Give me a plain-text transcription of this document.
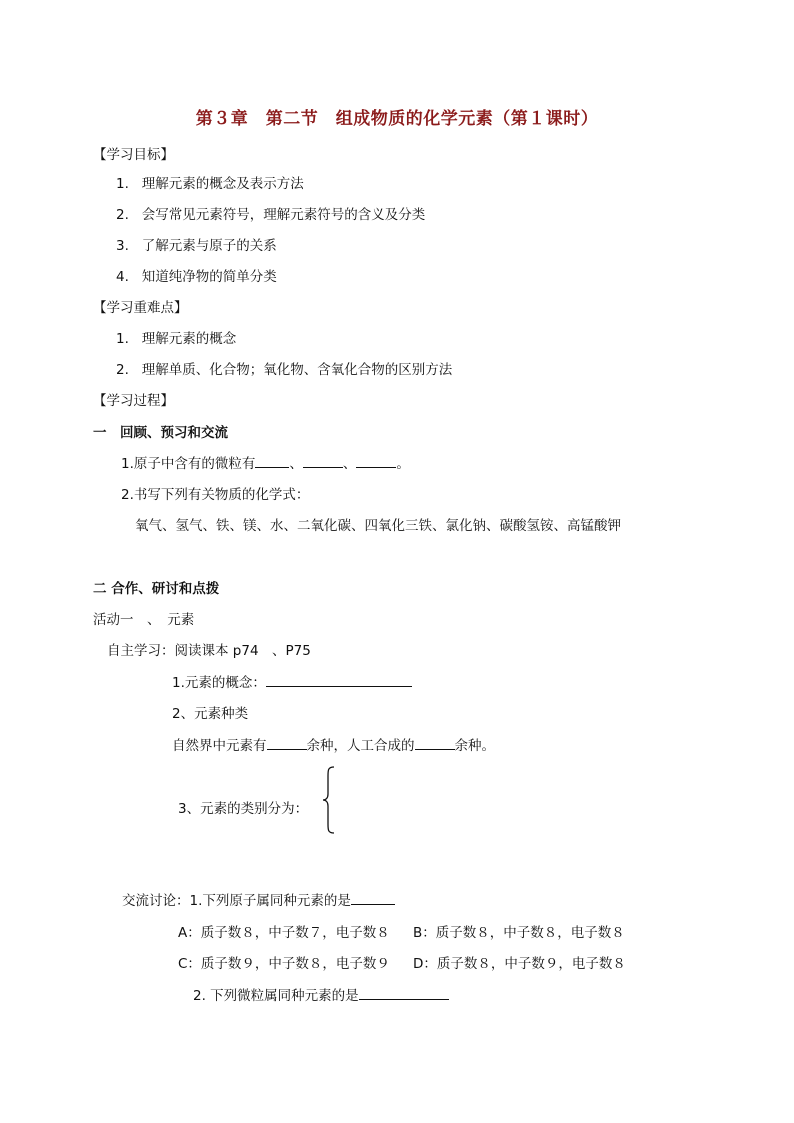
第３章　第二节　组成物质的化学元素（第１课时）
【学习目标】
1. 理解元素的概念及表示方法
2. 会写常见元素符号，理解元素符号的含义及分类
3. 了解元素与原子的关系
4. 知道纯净物的简单分类
【学习重难点】
1. 理解元素的概念
2. 理解单质、化合物；氧化物、含氧化合物的区别方法
【学习过程】
一　回顾、预习和交流
1.原子中含有的微粒有	、	、	。
2.书写下列有关物质的化学式：
氧气、氢气、铁、镁、水、二氧化碳、四氧化三铁、氯化钠、碳酸氢铵、高锰酸钾
二 合作、研讨和点拨
活动一　、　元素
自主学习：阅读课本 p74　、P75
1.元素的概念：
2、元素种类
自然界中元素有	余种，人工合成的	余种。
3、元素的类别分为：
交流讨论：1.下列原子属同种元素的是
A：质子数８，中子数７，电子数８ B：质子数８，中子数８，电子数８
C：质子数９，中子数８，电子数９ D：质子数８，中子数９，电子数８
2. 下列微粒属同种元素的是
